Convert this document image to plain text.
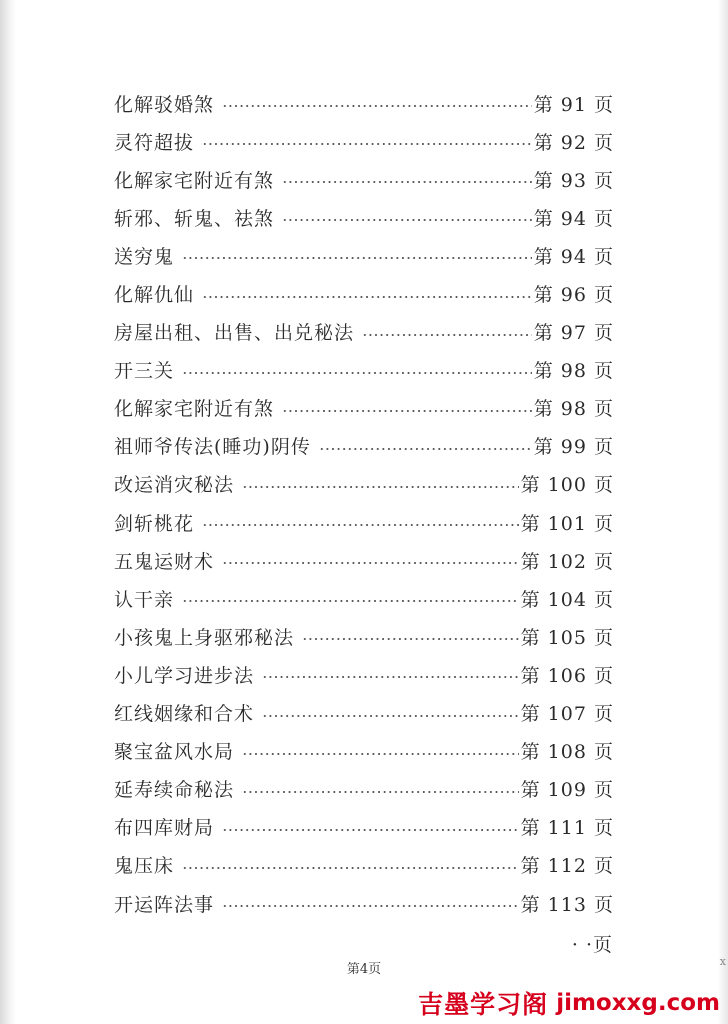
化解驳婚煞	第 91 页
灵符超拔	第 92 页
化解家宅附近有煞	第 93 页
斩邪、斩鬼、祛煞	第 94 页
送穷鬼	第 94 页
化解仇仙	第 96 页
房屋出租、出售、出兑秘法	第 97 页
开三关	第 98 页
化解家宅附近有煞	第 98 页
祖师爷传法(睡功)阴传	第 99 页
改运消灾秘法	第 100 页
剑斩桃花	第 101 页
五鬼运财术	第 102 页
认干亲	第 104 页
小孩鬼上身驱邪秘法	第 105 页
小儿学习进步法	第 106 页
红线姻缘和合术	第 107 页
聚宝盆风水局	第 108 页
延寿续命秘法	第 109 页
布四库财局	第 111 页
鬼压床	第 112 页
开运阵法事	第 113 页
· ·页
第4页
x
吉墨学习阁 jimoxxg.com
